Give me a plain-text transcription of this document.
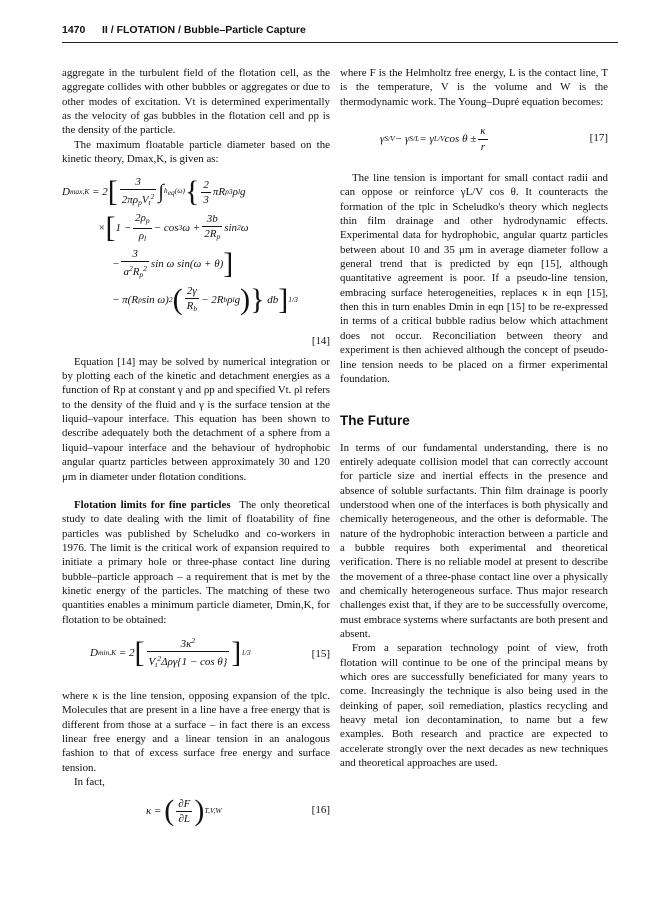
1470 II / FLOTATION / Bubble–Particle Capture

aggregate in the turbulent field of the flotation cell, as the aggregate collides with other bubbles or aggregates or due to other modes of excitation. Vt is determined experimentally as the velocity of gas bubbles in the flotation cell and ρp is the density of the particle.

The maximum floatable particle diameter based on the kinetic theory, Dmax,K, is given as:

D max,K = 2 [ $\frac{3}{2\pi\rho_pV_t^2}$ ∫ heq(ω) { $\frac{2}{3}$ πR p 3 ρ l g
× [ $1 - \frac{2\rho_p}{\rho_l} - \cos 3$ $\omega + \frac{3b}{2R_p}$ sin 2 ω
− $\frac{3}{a^2R_p^2}$ sin ω sin(ω + θ) ]
− π(R p sin ω) 2 ( $\frac{2\gamma}{R_b} - 2R$ b ρ l g ) } db ] 1/3
[14]

Equation [14] may be solved by numerical integration or by plotting each of the kinetic and detachment energies as a function of Rp at constant γ and ρp and specified Vt. ρl refers to the density of the fluid and γ is the surface tension at the liquid–vapour interface. This equation has been shown to describe adequately both the detachment of a sphere from a liquid–vapour interface and the behaviour of hydrophobic angular quartz particles between approximately 30 and 120 μm in diameter under flotation conditions.

Flotation limits for fine particles The only theoretical study to date dealing with the limit of floatability of fine particles was published by Scheludko and co-workers in 1976. The limit is the critical work of expansion required to initiate a primary hole or three-phase contact line during bubble–particle approach – a requirement that is met by the kinetic energy of the particles. The matching of these two quantities enables a minimum particle diameter, Dmin,K, for flotation to be obtained:

D min,K = 2 [ $\frac{3\kappa^2}{V_t^2\Delta\rho\gamma\{1 - \cos \theta\}}$ ] 1/3	[15]

where κ is the line tension, opposing expansion of the tplc. Molecules that are present in a line have a free energy that is different from those at a surface – in fact there is an excess linear free energy and a linear tension in an analogous fashion to that of excess surface free energy and surface tension.

In fact,

κ = ( $\frac{\partial F}{\partial L}$ ) T,V,W	[16]

where F is the Helmholtz free energy, L is the contact line, T is the temperature, V is the volume and W is the thermodynamic work. The Young–Dupré equation becomes:

γ S/V − γ S/L = γ L/V $\cos \theta \pm \frac{\kappa}{r}$	[17]

The line tension is important for small contact radii and can oppose or reinforce γL/V cos θ. It counteracts the formation of the tplc in Scheludko's theory which neglects thin film drainage and other hydrodynamic effects. Experimental data for hydrophobic, angular quartz particles between about 10 and 35 μm in average diameter follow a general trend that is predicted by eqn [15], although quantitative agreement is poor. If a pseudo-line tension, embracing surface heterogeneities, replaces κ in eqn [15], then this in turn enables Dmin in eqn [15] to be re-expressed in terms of a critical bubble radius below which attachment does not occur. Reconciliation between theory and experiment is then achieved although the concept of pseudo-line tension needs to be placed on a firmer experimental foundation.

The Future

In terms of our fundamental understanding, there is no entirely adequate collision model that can correctly account for particle size and inertial effects in the presence and absence of soluble surfactants. Thin film drainage is poorly understood when one of the interfaces is both physically and chemically heterogeneous, and the other is deformable. The nature of the hydrophobic interaction between a particle and a bubble requires both experimental and theoretical verification. There is no reliable model at present to describe the movement of a three-phase contact line over a physically and chemically heterogeneous surface. Thus major research challenges exist that, if they are to be successfully overcome, must embrace systems where surfactants are both present and absent.

From a separation technology point of view, froth flotation will continue to be one of the principal means by which ores are successfully beneficiated for many years to come. Increasingly the technique is also being used in the deinking of paper, soil remediation, plastics recycling and heavy metal ion decontamination, to name but a few examples. Both research and practice are expected to accelerate strongly over the next decades as new techniques and theoretical approaches are used.
